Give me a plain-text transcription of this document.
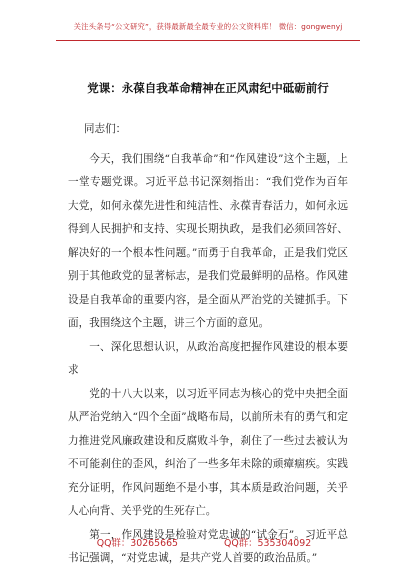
关注头条号“公文研究”，获得最新最全最专业的公文资料库！ 微信：gongwenyj
党课：永葆自我革命精神在正风肃纪中砥砺前行

同志们：

今天，我们围绕“自我革命”和“作风建设”这个主题，上一堂专题党课。习近平总书记深刻指出：“我们党作为百年大党，如何永葆先进性和纯洁性、永葆青春活力，如何永远得到人民拥护和支持、实现长期执政，是我们必须回答好、解决好的一个根本性问题。”而勇于自我革命，正是我们党区别于其他政党的显著标志，是我们党最鲜明的品格。作风建设是自我革命的重要内容，是全面从严治党的关键抓手。下面，我围绕这个主题，讲三个方面的意见。

一、深化思想认识，从政治高度把握作风建设的根本要求

党的十八大以来，以习近平同志为核心的党中央把全面从严治党纳入“四个全面”战略布局，以前所未有的勇气和定力推进党风廉政建设和反腐败斗争，刹住了一些过去被认为不可能刹住的歪风，纠治了一些多年未除的顽瘴痼疾。实践充分证明，作风问题绝不是小事，其本质是政治问题，关乎人心向背、关乎党的生死存亡。

第一，作风建设是检验对党忠诚的“试金石”。习近平总书记强调，“对党忠诚，是共产党人首要的政治品质。”

QQ群：30265665	QQ群：535304092
